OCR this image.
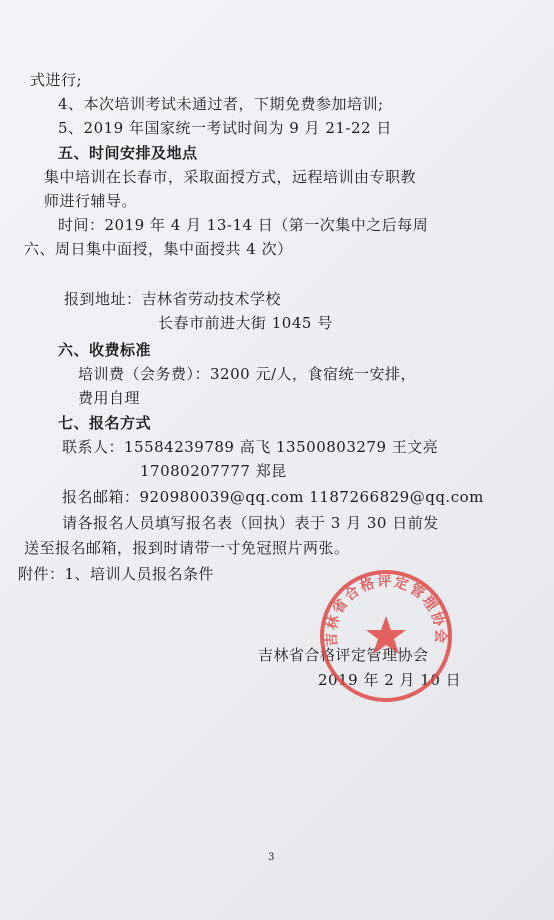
式进行;
4、本次培训考试未通过者，下期免费参加培训;
5、2019 年国家统一考试时间为 9 月 21-22 日
五、时间安排及地点
集中培训在长春市，采取面授方式，远程培训由专职教
师进行辅导。
时间：2019 年 4 月 13-14 日（第一次集中之后每周
六、周日集中面授，集中面授共 4 次）
报到地址：吉林省劳动技术学校
长春市前进大街 1045 号
六、收费标准
培训费（会务费）：3200 元/人，食宿统一安排，
费用自理
七、报名方式
联系人：15584239789 高飞 13500803279 王文亮
17080207777 郑昆
报名邮箱：920980039@qq.com 1187266829@qq.com
请各报名人员填写报名表（回执）表于 3 月 30 日前发
送至报名邮箱，报到时请带一寸免冠照片两张。
附件：1、培训人员报名条件
吉林省合格评定管理协会
2019 年 2 月 10 日
吉林省合格评定管理协会
3
